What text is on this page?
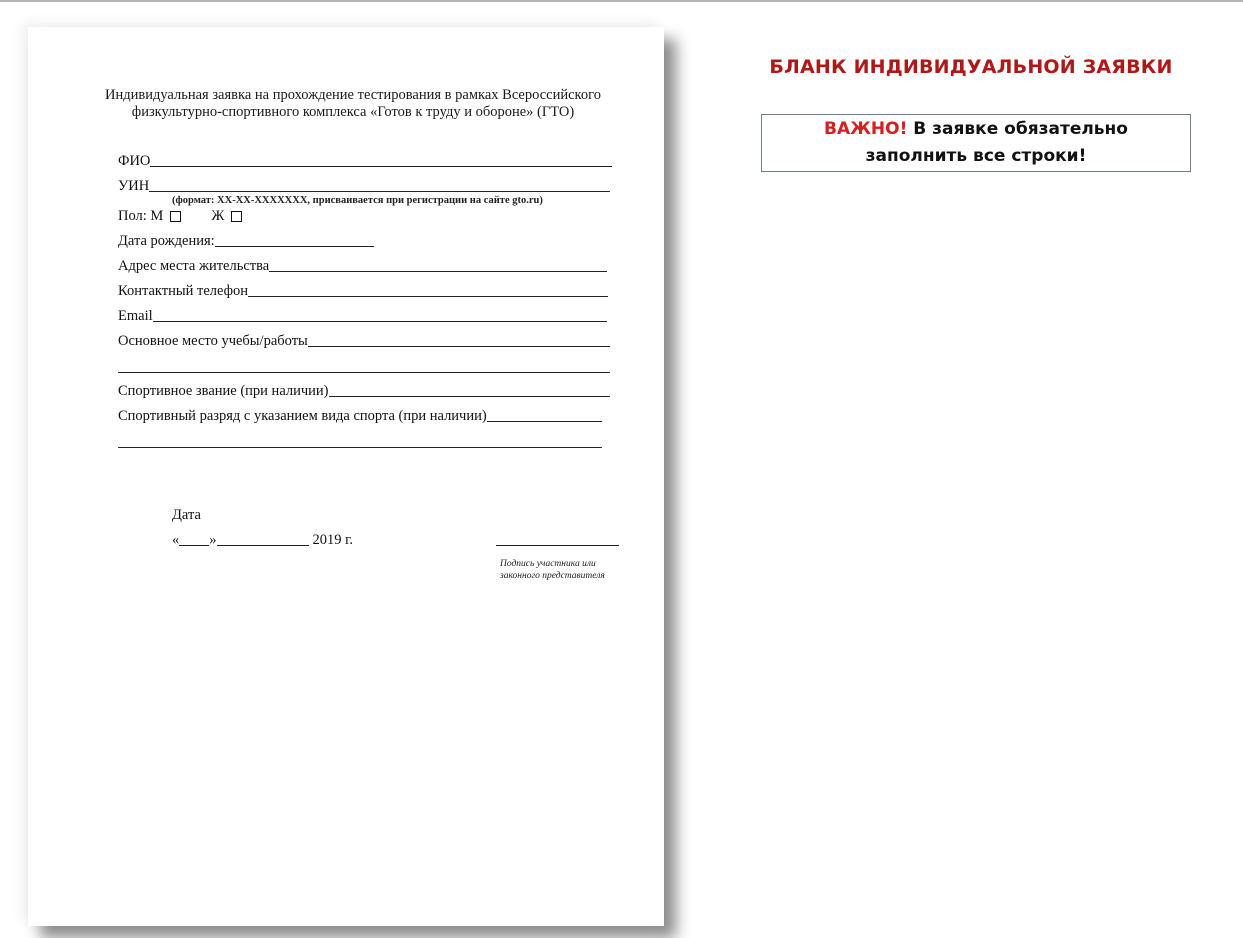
Индивидуальная заявка на прохождение тестирования в рамках Всероссийского
физкультурно-спортивного комплекса «Готов к труду и обороне» (ГТО)
ФИО
УИН
(формат: ХХ-ХХ-ХХХХХХХ, присваивается при регистрации на сайте gto.ru)
Пол: М	Ж
Дата рождения:
Адрес места жительства
Контактный телефон
Email
Основное место учебы/работы
Спортивное звание (при наличии)
Спортивный разряд с указанием вида спорта (при наличии)
Дата
« »	2019 г.
Подпись участника или
законного представителя
БЛАНК ИНДИВИДУАЛЬНОЙ ЗАЯВКИ
ВАЖНО! В заявке обязательно
заполнить все строки!
